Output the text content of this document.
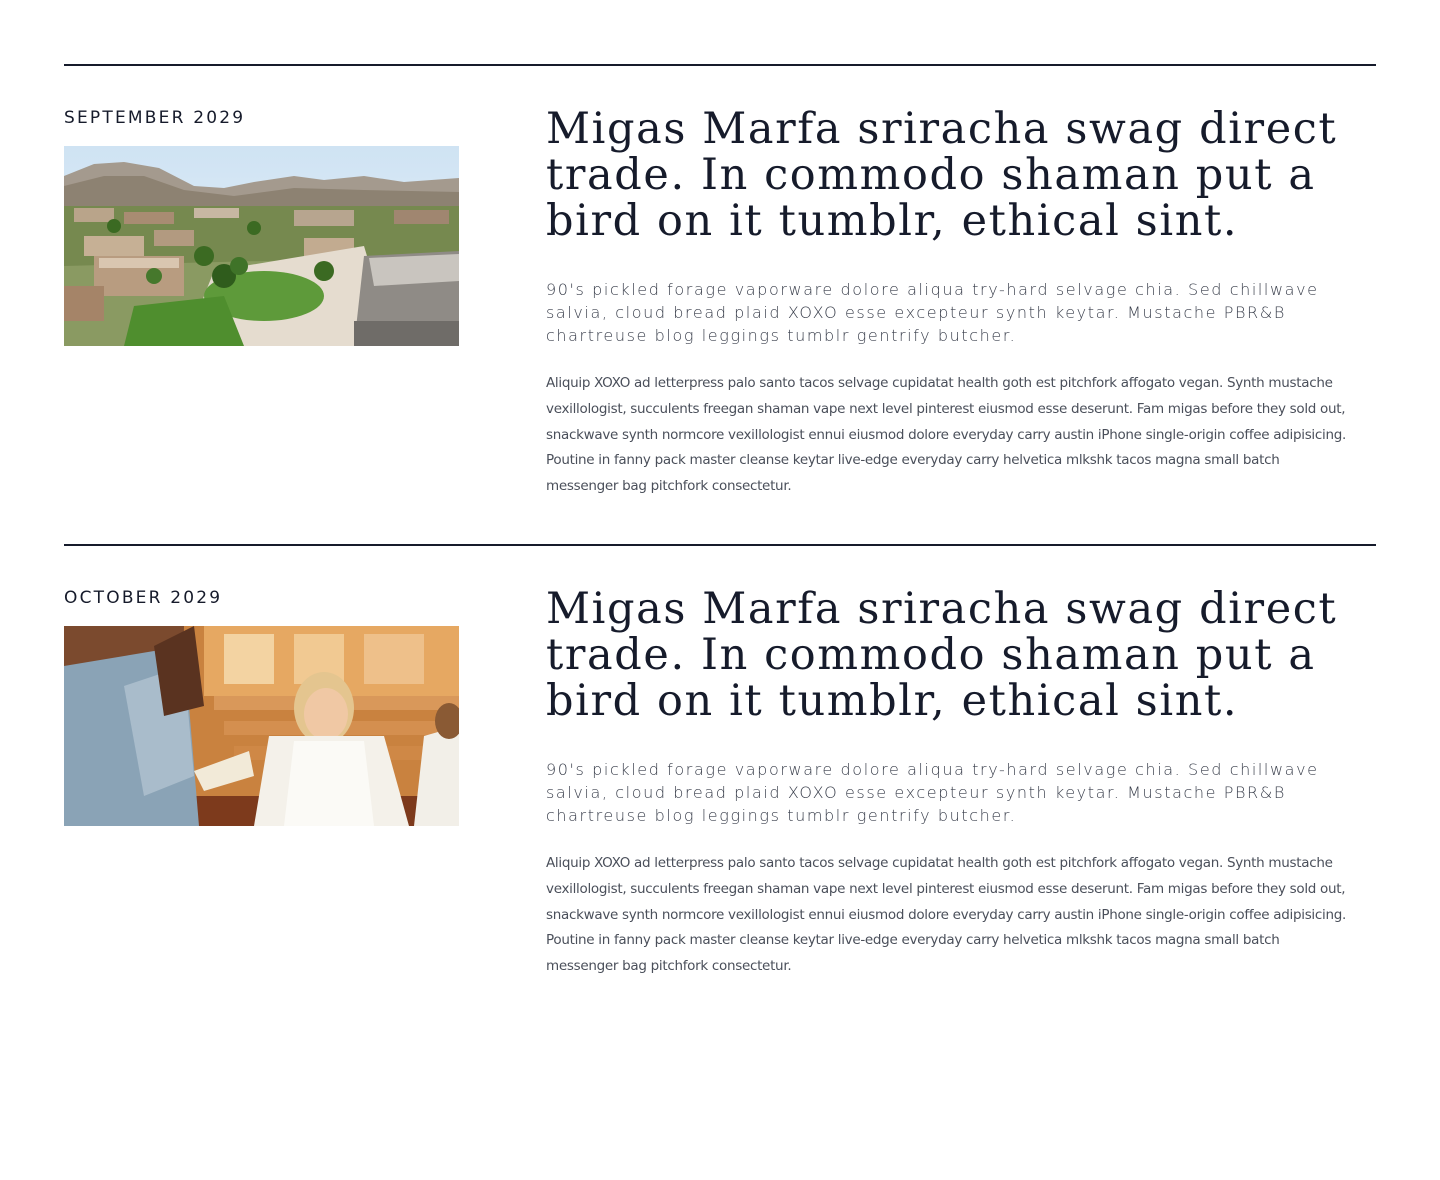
SEPTEMBER 2029	Migas Marfa sriracha swag direct trade. In commodo shaman put a bird on it tumblr, ethical sint.

90's pickled forage vaporware dolore aliqua try-hard selvage chia. Sed chillwave salvia, cloud bread plaid XOXO esse excepteur synth keytar. Mustache PBR&B chartreuse blog leggings tumblr gentrify butcher.

Aliquip XOXO ad letterpress palo santo tacos selvage cupidatat health goth est pitchfork affogato vegan. Synth mustache vexillologist, succulents freegan shaman vape next level pinterest eiusmod esse deserunt. Fam migas before they sold out, snackwave synth normcore vexillologist ennui eiusmod dolore everyday carry austin iPhone single-origin coffee adipisicing. Poutine in fanny pack master cleanse keytar live-edge everyday carry helvetica mlkshk tacos magna small batch messenger bag pitchfork consectetur.

OCTOBER 2029	Migas Marfa sriracha swag direct trade. In commodo shaman put a bird on it tumblr, ethical sint.

90's pickled forage vaporware dolore aliqua try-hard selvage chia. Sed chillwave salvia, cloud bread plaid XOXO esse excepteur synth keytar. Mustache PBR&B chartreuse blog leggings tumblr gentrify butcher.

Aliquip XOXO ad letterpress palo santo tacos selvage cupidatat health goth est pitchfork affogato vegan. Synth mustache vexillologist, succulents freegan shaman vape next level pinterest eiusmod esse deserunt. Fam migas before they sold out, snackwave synth normcore vexillologist ennui eiusmod dolore everyday carry austin iPhone single-origin coffee adipisicing. Poutine in fanny pack master cleanse keytar live-edge everyday carry helvetica mlkshk tacos magna small batch messenger bag pitchfork consectetur.
